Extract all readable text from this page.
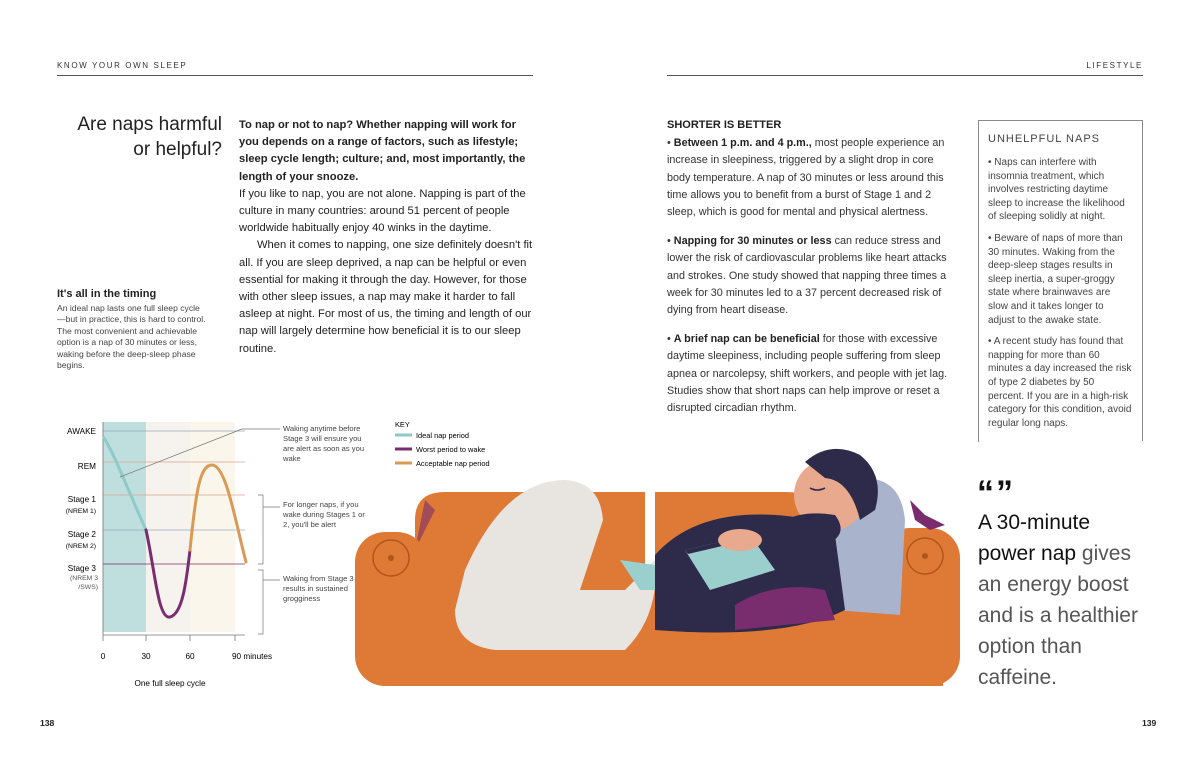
KNOW YOUR OWN SLEEP	LIFESTYLE
Are naps harmful
or helpful?

To nap or not to nap? Whether napping will work for you depends on a range of factors, such as lifestyle; sleep cycle length; culture; and, most importantly, the length of your snooze.

If you like to nap, you are not alone. Napping is part of the culture in many countries: around 51 percent of people worldwide habitually enjoy 40 winks in the daytime.

When it comes to napping, one size definitely doesn't fit all. If you are sleep deprived, a nap can be helpful or even essential for making it through the day. However, for those with other sleep issues, a nap may make it harder to fall asleep at night. For most of us, the timing and length of our nap will largely determine how beneficial it is to our sleep routine.

It's all in the timing
An ideal nap lasts one full sleep cycle—but in practice, this is hard to control. The most convenient and achievable option is a nap of 30 minutes or less, waking before the deep-sleep phase begins.
AWAKE
REM
Stage 1
(NREM 1)
Stage 2
(NREM 2)
Stage 3
(NREM 3 /SWS)
0	30	60	90 minutes
One full sleep cycle
Waking anytime before Stage 3 will ensure you are alert as soon as you wake
For longer naps, if you wake during Stages 1 or 2, you'll be alert
Waking from Stage 3 results in sustained grogginess
KEY
Ideal nap period
Worst period to wake
Acceptable nap period
SHORTER IS BETTER

• Between 1 p.m. and 4 p.m., most people experience an increase in sleepiness, triggered by a slight drop in core body temperature. A nap of 30 minutes or less around this time allows you to benefit from a burst of Stage 1 and 2 sleep, which is good for mental and physical alertness.

• Napping for 30 minutes or less can reduce stress and lower the risk of cardiovascular problems like heart attacks and strokes. One study showed that napping three times a week for 30 minutes led to a 37 percent decreased risk of dying from heart disease.

• A brief nap can be beneficial for those with excessive daytime sleepiness, including people suffering from sleep apnea or narcolepsy, shift workers, and people with jet lag. Studies show that short naps can help improve or reset a disrupted circadian rhythm.

UNHELPFUL NAPS

• Naps can interfere with insomnia treatment, which involves restricting daytime sleep to increase the likelihood of sleeping solidly at night.

• Beware of naps of more than 30 minutes. Waking from the deep-sleep stages results in sleep inertia, a super-groggy state where brainwaves are slow and it takes longer to adjust to the awake state.

• A recent study has found that napping for more than 60 minutes a day increased the risk of type 2 diabetes by 50 percent. If you are in a high-risk category for this condition, avoid regular long naps.

“”
A 30-minute power nap gives an energy boost and is a healthier option than caffeine.
138	139
